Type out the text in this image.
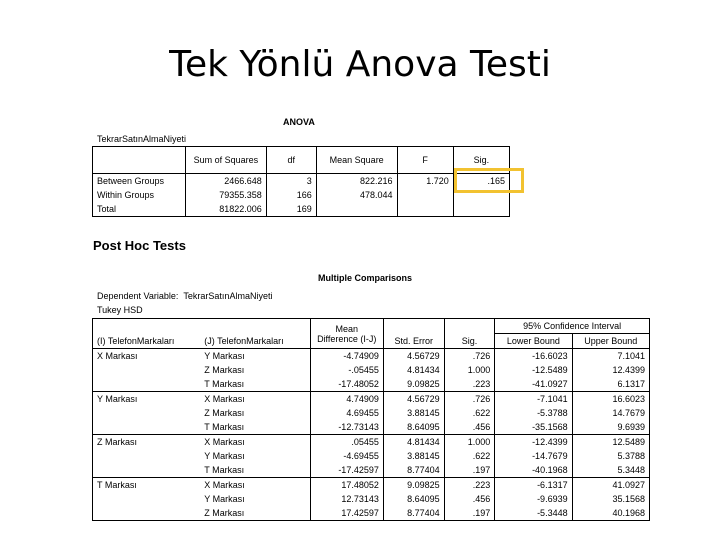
Tek Yönlü Anova Testi
ANOVA
TekrarSatınAlmaNiyeti
	Sum of Squares	df	Mean Square	F	Sig.
Between Groups	2466.648	3	822.216	1.720	.165
Within Groups	79355.358	166	478.044		
Total	81822.006	169			
Post Hoc Tests
Multiple Comparisons
Dependent Variable: TekrarSatınAlmaNiyeti
Tukey HSD
(I) TelefonMarkaları	(J) TelefonMarkaları	Mean Difference (I-J)	Std. Error	Sig.	95% Confidence Interval	
					Lower Bound	Upper Bound
X Markası	Y Markası	-4.74909	4.56729	.726	-16.6023	7.1041
	Z Markası	-.05455	4.81434	1.000	-12.5489	12.4399
	T Markası	-17.48052	9.09825	.223	-41.0927	6.1317
Y Markası	X Markası	4.74909	4.56729	.726	-7.1041	16.6023
	Z Markası	4.69455	3.88145	.622	-5.3788	14.7679
	T Markası	-12.73143	8.64095	.456	-35.1568	9.6939
Z Markası	X Markası	.05455	4.81434	1.000	-12.4399	12.5489
	Y Markası	-4.69455	3.88145	.622	-14.7679	5.3788
	T Markası	-17.42597	8.77404	.197	-40.1968	5.3448
T Markası	X Markası	17.48052	9.09825	.223	-6.1317	41.0927
	Y Markası	12.73143	8.64095	.456	-9.6939	35.1568
	Z Markası	17.42597	8.77404	.197	-5.3448	40.1968
